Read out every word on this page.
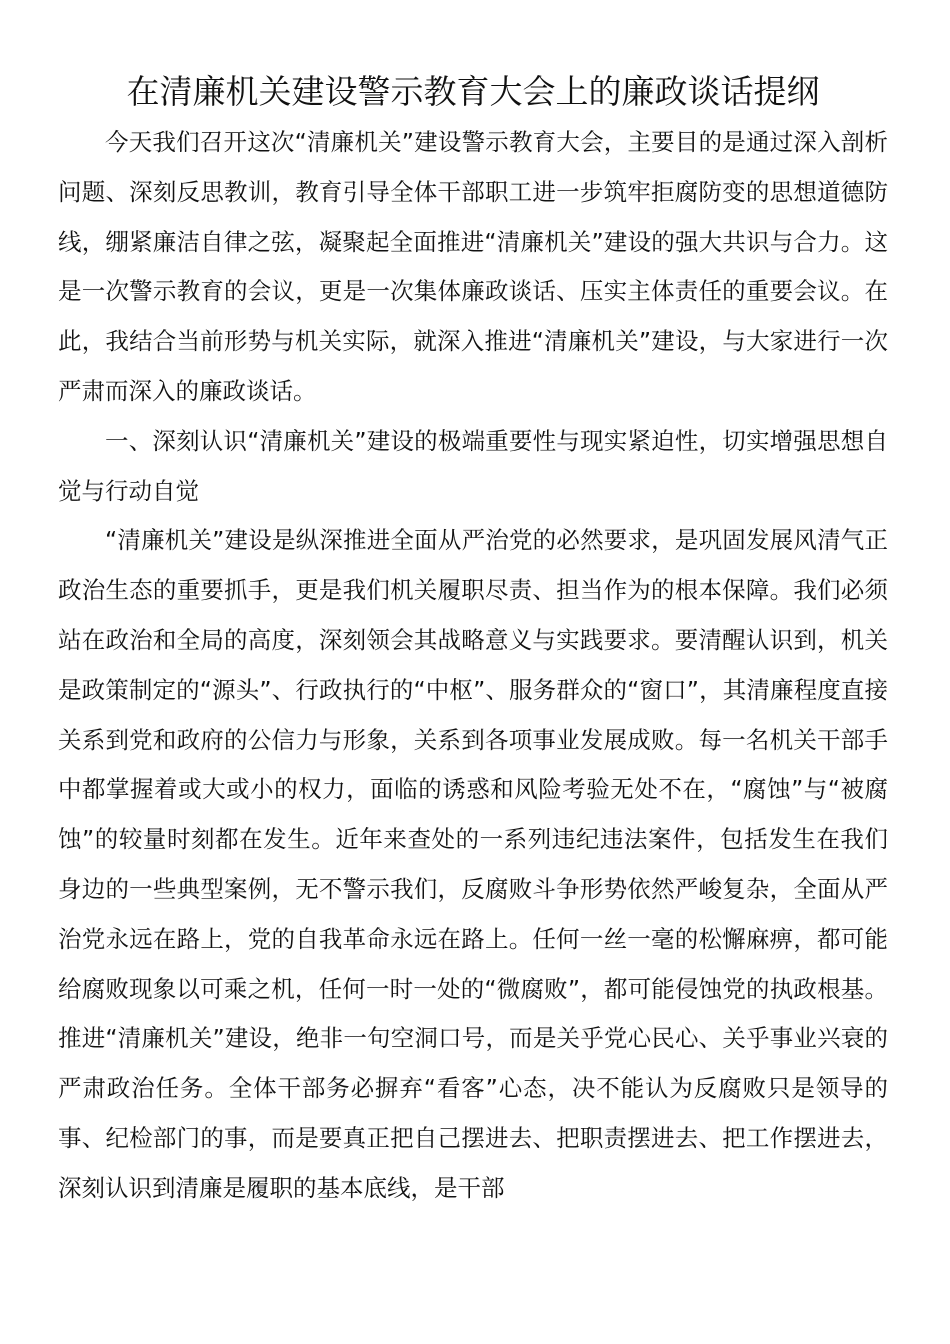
在清廉机关建设警示教育大会上的廉政谈话提纲

今天我们召开这次“清廉机关”建设警示教育大会，主要目的是通过深入剖析问题、深刻反思教训，教育引导全体干部职工进一步筑牢拒腐防变的思想道德防线，绷紧廉洁自律之弦，凝聚起全面推进“清廉机关”建设的强大共识与合力。这是一次警示教育的会议，更是一次集体廉政谈话、压实主体责任的重要会议。在此，我结合当前形势与机关实际，就深入推进“清廉机关”建设，与大家进行一次严肃而深入的廉政谈话。

一、深刻认识“清廉机关”建设的极端重要性与现实紧迫性，切实增强思想自觉与行动自觉

“清廉机关”建设是纵深推进全面从严治党的必然要求，是巩固发展风清气正政治生态的重要抓手，更是我们机关履职尽责、担当作为的根本保障。我们必须站在政治和全局的高度，深刻领会其战略意义与实践要求。要清醒认识到，机关是政策制定的“源头”、行政执行的“中枢”、服务群众的“窗口”，其清廉程度直接关系到党和政府的公信力与形象，关系到各项事业发展成败。每一名机关干部手中都掌握着或大或小的权力，面临的诱惑和风险考验无处不在，“腐蚀”与“被腐蚀”的较量时刻都在发生。近年来查处的一系列违纪违法案件，包括发生在我们身边的一些典型案例，无不警示我们，反腐败斗争形势依然严峻复杂，全面从严治党永远在路上，党的自我革命永远在路上。任何一丝一毫的松懈麻痹，都可能给腐败现象以可乘之机，任何一时一处的“微腐败”，都可能侵蚀党的执政根基。推进“清廉机关”建设，绝非一句空洞口号，而是关乎党心民心、关乎事业兴衰的严肃政治任务。全体干部务必摒弃“看客”心态，决不能认为反腐败只是领导的事、纪检部门的事，而是要真正把自己摆进去、把职责摆进去、把工作摆进去，深刻认识到清廉是履职的基本底线，是干部
